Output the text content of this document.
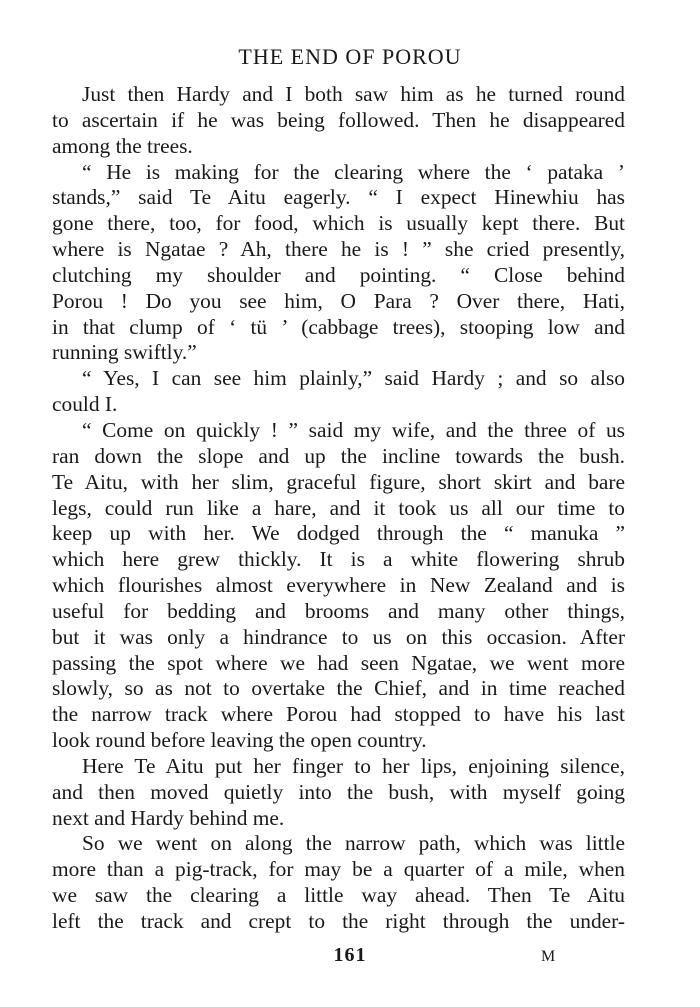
THE END OF POROU
Just then Hardy and I both saw him as he turned round
to ascertain if he was being followed. Then he disappeared
among the trees.
“ He is making for the clearing where the ‘ pataka ’
stands,” said Te Aitu eagerly. “ I expect Hinewhiu has
gone there, too, for food, which is usually kept there. But
where is Ngatae ? Ah, there he is ! ” she cried presently,
clutching my shoulder and pointing. “ Close behind
Porou ! Do you see him, O Para ? Over there, Hati,
in that clump of ‘ tü ’ (cabbage trees), stooping low and
running swiftly.”
“ Yes, I can see him plainly,” said Hardy ; and so also
could I.
“ Come on quickly ! ” said my wife, and the three of us
ran down the slope and up the incline towards the bush.
Te Aitu, with her slim, graceful figure, short skirt and bare
legs, could run like a hare, and it took us all our time to
keep up with her. We dodged through the “ manuka ”
which here grew thickly. It is a white flowering shrub
which flourishes almost everywhere in New Zealand and is
useful for bedding and brooms and many other things,
but it was only a hindrance to us on this occasion. After
passing the spot where we had seen Ngatae, we went more
slowly, so as not to overtake the Chief, and in time reached
the narrow track where Porou had stopped to have his last
look round before leaving the open country.
Here Te Aitu put her finger to her lips, enjoining silence,
and then moved quietly into the bush, with myself going
next and Hardy behind me.
So we went on along the narrow path, which was little
more than a pig-track, for may be a quarter of a mile, when
we saw the clearing a little way ahead. Then Te Aitu
left the track and crept to the right through the under-
161	M
